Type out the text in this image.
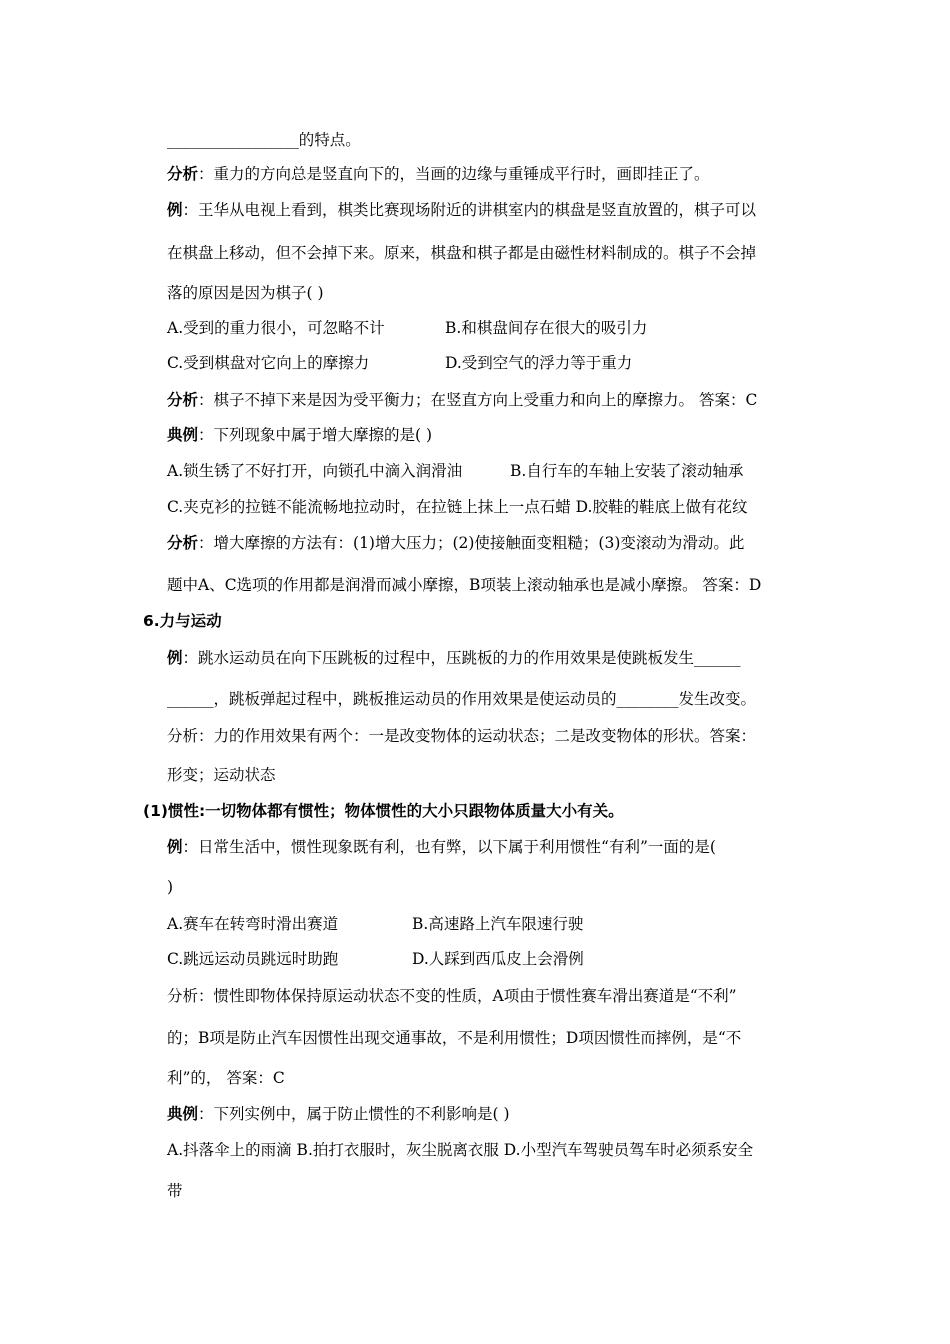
_________________的特点。
分析：重力的方向总是竖直向下的，当画的边缘与重锤成平行时，画即挂正了。
例：王华从电视上看到，棋类比赛现场附近的讲棋室内的棋盘是竖直放置的，棋子可以
在棋盘上移动，但不会掉下来。原来，棋盘和棋子都是由磁性材料制成的。棋子不会掉
落的原因是因为棋子( )
A.受到的重力很小，可忽略不计	B.和棋盘间存在很大的吸引力
C.受到棋盘对它向上的摩擦力	D.受到空气的浮力等于重力
分析：棋子不掉下来是因为受平衡力；在竖直方向上受重力和向上的摩擦力。 答案：C
典例：下列现象中属于增大摩擦的是( )
A.锁生锈了不好打开，向锁孔中滴入润滑油	B.自行车的车轴上安装了滚动轴承
C.夹克衫的拉链不能流畅地拉动时，在拉链上抹上一点石蜡 D.胶鞋的鞋底上做有花纹
分析：增大摩擦的方法有：(1)增大压力；(2)使接触面变粗糙；(3)变滚动为滑动。此
题中A、C选项的作用都是润滑而减小摩擦，B项装上滚动轴承也是减小摩擦。 答案：D
6.力与运动
例：跳水运动员在向下压跳板的过程中，压跳板的力的作用效果是使跳板发生______
______，跳板弹起过程中，跳板推运动员的作用效果是使运动员的________发生改变。
分析：力的作用效果有两个：一是改变物体的运动状态；二是改变物体的形状。答案：
形变；运动状态
(1)惯性:一切物体都有惯性；物体惯性的大小只跟物体质量大小有关。
例：日常生活中，惯性现象既有利，也有弊，以下属于利用惯性“有利”一面的是(
)
A.赛车在转弯时滑出赛道	B.高速路上汽车限速行驶
C.跳远运动员跳远时助跑	D.人踩到西瓜皮上会滑例
分析：惯性即物体保持原运动状态不变的性质，A项由于惯性赛车滑出赛道是“不利”
的；B项是防止汽车因惯性出现交通事故，不是利用惯性；D项因惯性而摔例，是“不
利”的， 答案：C
典例：下列实例中，属于防止惯性的不利影响是( )
A.抖落伞上的雨滴 B.拍打衣服时，灰尘脱离衣服 D.小型汽车驾驶员驾车时必须系安全
带
